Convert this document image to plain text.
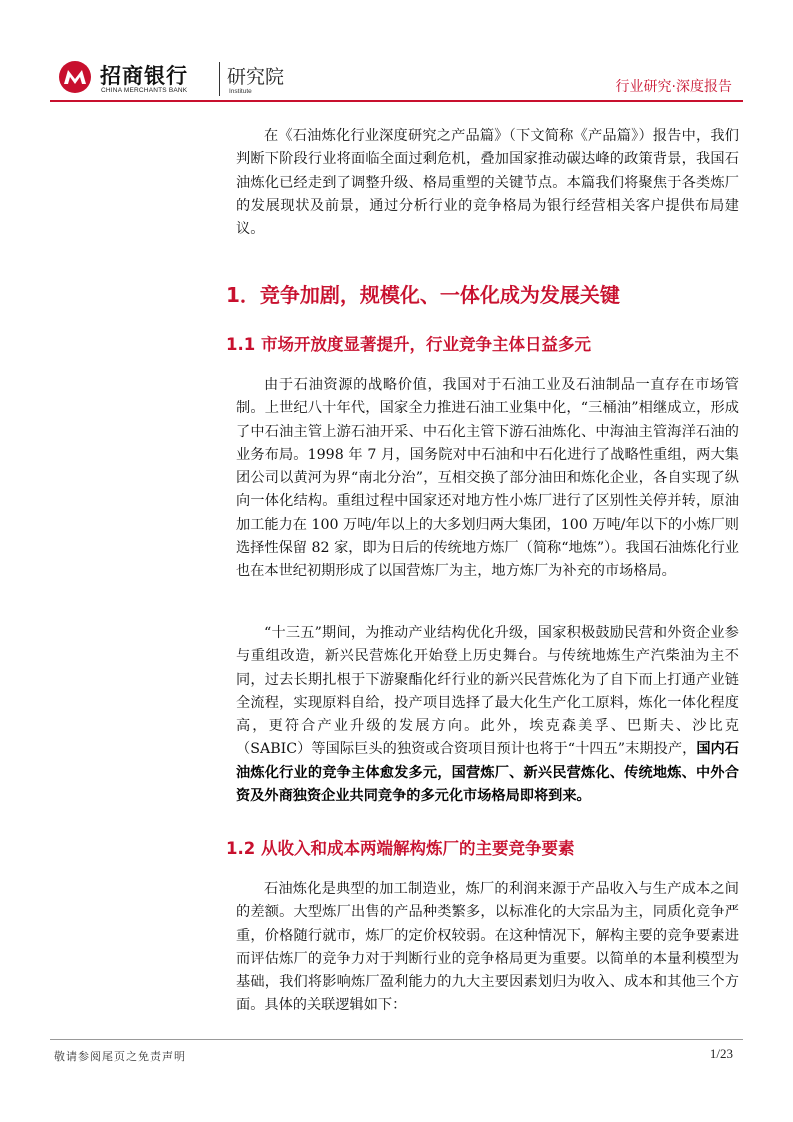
招商银行
CHINA MERCHANTS BANK
研究院
Institute	行业研究·深度报告

在《石油炼化行业深度研究之产品篇》（下文简称《产品篇》）报告中，我们判断下阶段行业将面临全面过剩危机，叠加国家推动碳达峰的政策背景，我国石油炼化已经走到了调整升级、格局重塑的关键节点。本篇我们将聚焦于各类炼厂的发展现状及前景，通过分析行业的竞争格局为银行经营相关客户提供布局建议。

1．竞争加剧，规模化、一体化成为发展关键
1.1 市场开放度显著提升，行业竞争主体日益多元

由于石油资源的战略价值，我国对于石油工业及石油制品一直存在市场管制。上世纪八十年代，国家全力推进石油工业集中化，“三桶油”相继成立，形成了中石油主管上游石油开采、中石化主管下游石油炼化、中海油主管海洋石油的业务布局。1998 年 7 月，国务院对中石油和中石化进行了战略性重组，两大集团公司以黄河为界“南北分治”，互相交换了部分油田和炼化企业，各自实现了纵向一体化结构。重组过程中国家还对地方性小炼厂进行了区别性关停并转，原油加工能力在 100 万吨/年以上的大多划归两大集团，100 万吨/年以下的小炼厂则选择性保留 82 家，即为日后的传统地方炼厂（简称“地炼”）。我国石油炼化行业也在本世纪初期形成了以国营炼厂为主，地方炼厂为补充的市场格局。

“十三五”期间，为推动产业结构优化升级，国家积极鼓励民营和外资企业参与重组改造，新兴民营炼化开始登上历史舞台。与传统地炼生产汽柴油为主不同，过去长期扎根于下游聚酯化纤行业的新兴民营炼化为了自下而上打通产业链全流程，实现原料自给，投产项目选择了最大化生产化工原料，炼化一体化程度高，更符合产业升级的发展方向。此外，埃克森美孚、巴斯夫、沙比克（SABIC）等国际巨头的独资或合资项目预计也将于“十四五”末期投产，国内石油炼化行业的竞争主体愈发多元，国营炼厂、新兴民营炼化、传统地炼、中外合资及外商独资企业共同竞争的多元化市场格局即将到来。

1.2 从收入和成本两端解构炼厂的主要竞争要素

石油炼化是典型的加工制造业，炼厂的利润来源于产品收入与生产成本之间的差额。大型炼厂出售的产品种类繁多，以标准化的大宗品为主，同质化竞争严重，价格随行就市，炼厂的定价权较弱。在这种情况下，解构主要的竞争要素进而评估炼厂的竞争力对于判断行业的竞争格局更为重要。以简单的本量利模型为基础，我们将影响炼厂盈利能力的九大主要因素划归为收入、成本和其他三个方面。具体的关联逻辑如下：

敬请参阅尾页之免责声明	1/23
